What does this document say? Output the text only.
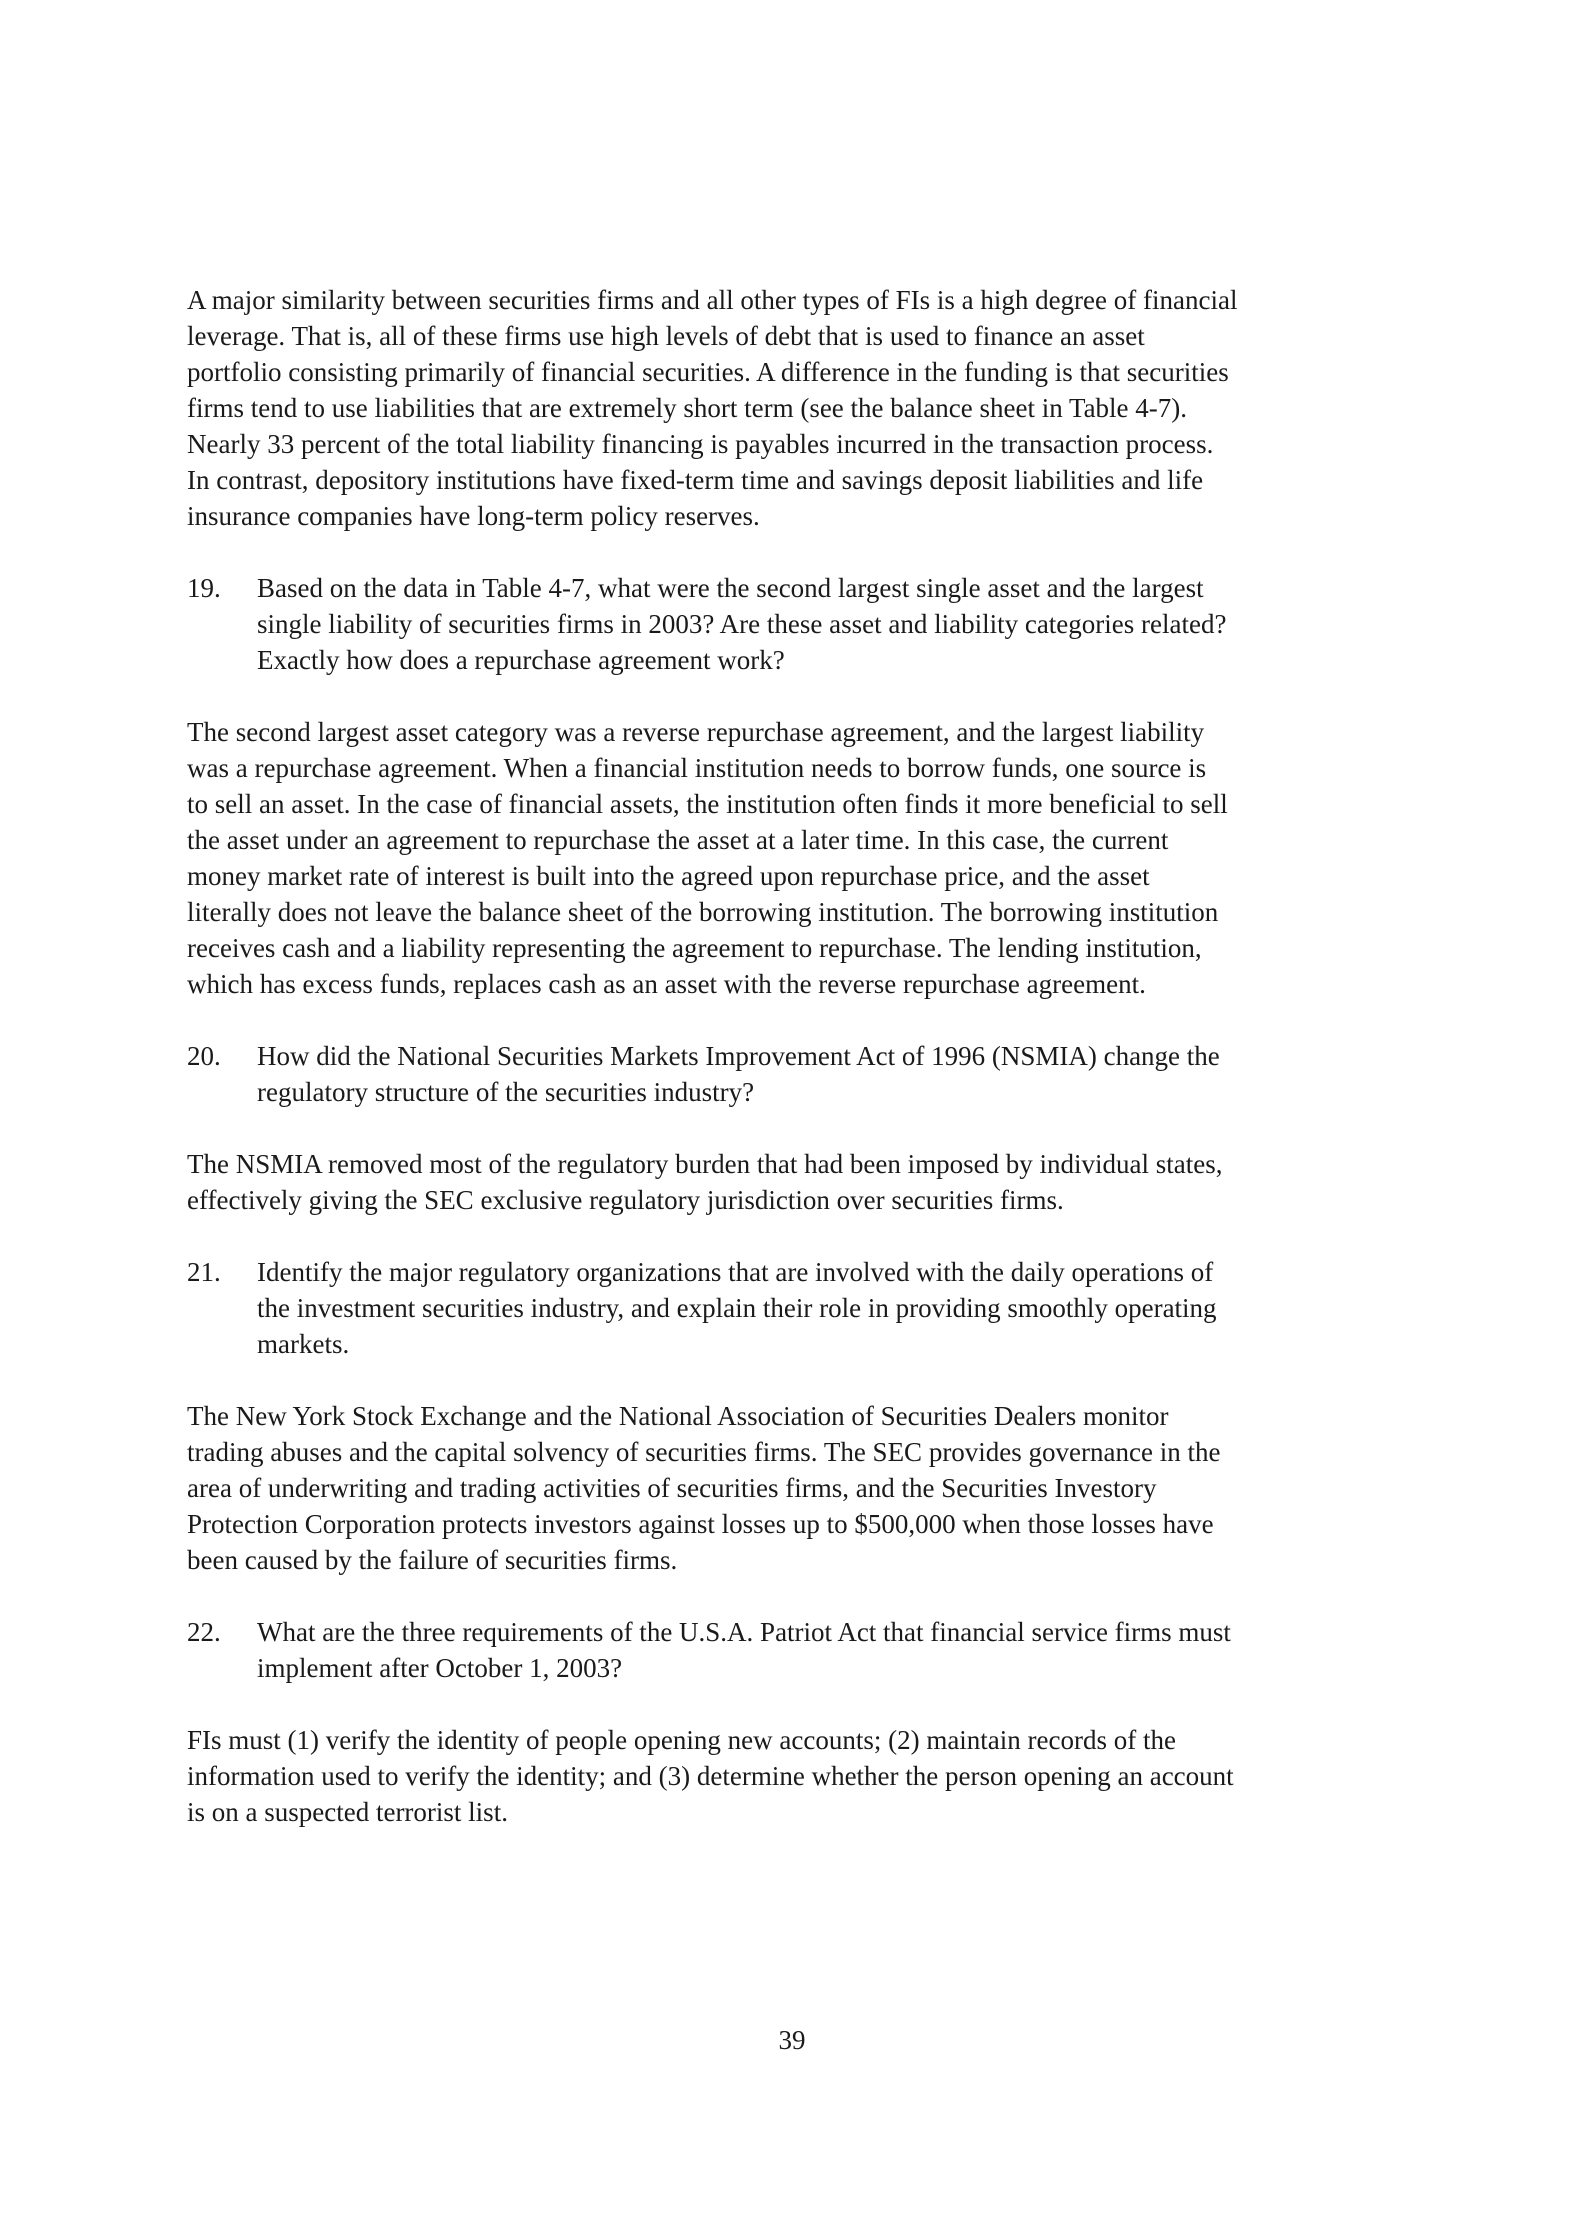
A major similarity between securities firms and all other types of FIs is a high degree of financial
leverage. That is, all of these firms use high levels of debt that is used to finance an asset
portfolio consisting primarily of financial securities. A difference in the funding is that securities
firms tend to use liabilities that are extremely short term (see the balance sheet in Table 4-7).
Nearly 33 percent of the total liability financing is payables incurred in the transaction process.
In contrast, depository institutions have fixed-term time and savings deposit liabilities and life
insurance companies have long-term policy reserves.
19.	Based on the data in Table 4-7, what were the second largest single asset and the largest
single liability of securities firms in 2003? Are these asset and liability categories related?
Exactly how does a repurchase agreement work?
The second largest asset category was a reverse repurchase agreement, and the largest liability
was a repurchase agreement. When a financial institution needs to borrow funds, one source is
to sell an asset. In the case of financial assets, the institution often finds it more beneficial to sell
the asset under an agreement to repurchase the asset at a later time. In this case, the current
money market rate of interest is built into the agreed upon repurchase price, and the asset
literally does not leave the balance sheet of the borrowing institution. The borrowing institution
receives cash and a liability representing the agreement to repurchase. The lending institution,
which has excess funds, replaces cash as an asset with the reverse repurchase agreement.
20.	How did the National Securities Markets Improvement Act of 1996 (NSMIA) change the
regulatory structure of the securities industry?
The NSMIA removed most of the regulatory burden that had been imposed by individual states,
effectively giving the SEC exclusive regulatory jurisdiction over securities firms.
21.	Identify the major regulatory organizations that are involved with the daily operations of
the investment securities industry, and explain their role in providing smoothly operating
markets.
The New York Stock Exchange and the National Association of Securities Dealers monitor
trading abuses and the capital solvency of securities firms. The SEC provides governance in the
area of underwriting and trading activities of securities firms, and the Securities Investory
Protection Corporation protects investors against losses up to $500,000 when those losses have
been caused by the failure of securities firms.
22.	What are the three requirements of the U.S.A. Patriot Act that financial service firms must
implement after October 1, 2003?
FIs must (1) verify the identity of people opening new accounts; (2) maintain records of the
information used to verify the identity; and (3) determine whether the person opening an account
is on a suspected terrorist list.
39
